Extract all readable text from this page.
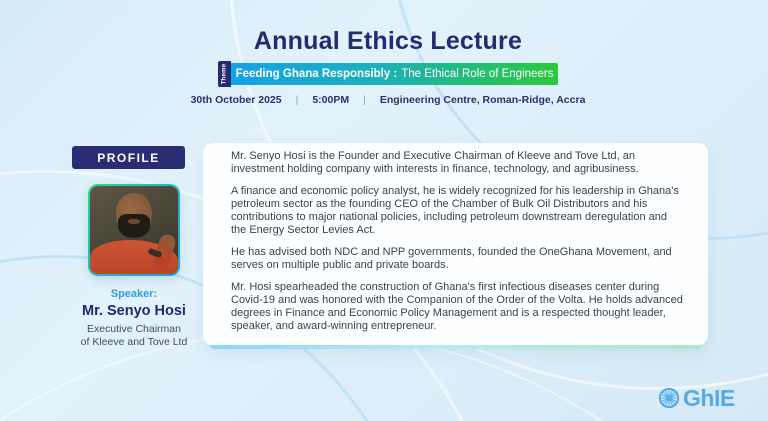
Annual Ethics Lecture
Theme Feeding Ghana Responsibly : The Ethical Role of Engineers
30th October 2025 | 5:00PM | Engineering Centre, Roman-Ridge, Accra
PROFILE
Speaker:
Mr. Senyo Hosi
Executive Chairman
of Kleeve and Tove Ltd

Mr. Senyo Hosi is the Founder and Executive Chairman of Kleeve and Tove Ltd, an investment holding company with interests in finance, technology, and agribusiness.

A finance and economic policy analyst, he is widely recognized for his leadership in Ghana's petroleum sector as the founding CEO of the Chamber of Bulk Oil Distributors and his contributions to major national policies, including petroleum downstream deregulation and the Energy Sector Levies Act.

He has advised both NDC and NPP governments, founded the OneGhana Movement, and serves on multiple public and private boards.

Mr. Hosi spearheaded the construction of Ghana's first infectious diseases center during Covid-19 and was honored with the Companion of the Order of the Volta. He holds advanced degrees in Finance and Economic Policy Management and is a respected thought leader, speaker, and award-winning entrepreneur.

GhIE
